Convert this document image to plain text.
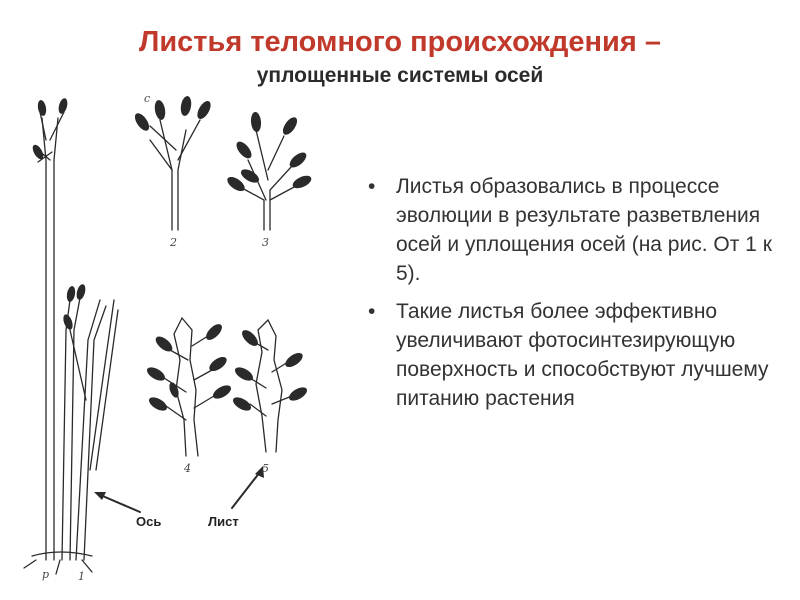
Листья теломного происхождения –
уплощенные системы осей
Ось	Лист
c
2	3
4	5
p	1
• Листья образовались в процессе эволюции в результате разветвления осей и уплощения осей (на рис. От 1 к 5).
• Такие листья более эффективно увеличивают фотосинтезирующую поверхность и способствуют лучшему питанию растения
